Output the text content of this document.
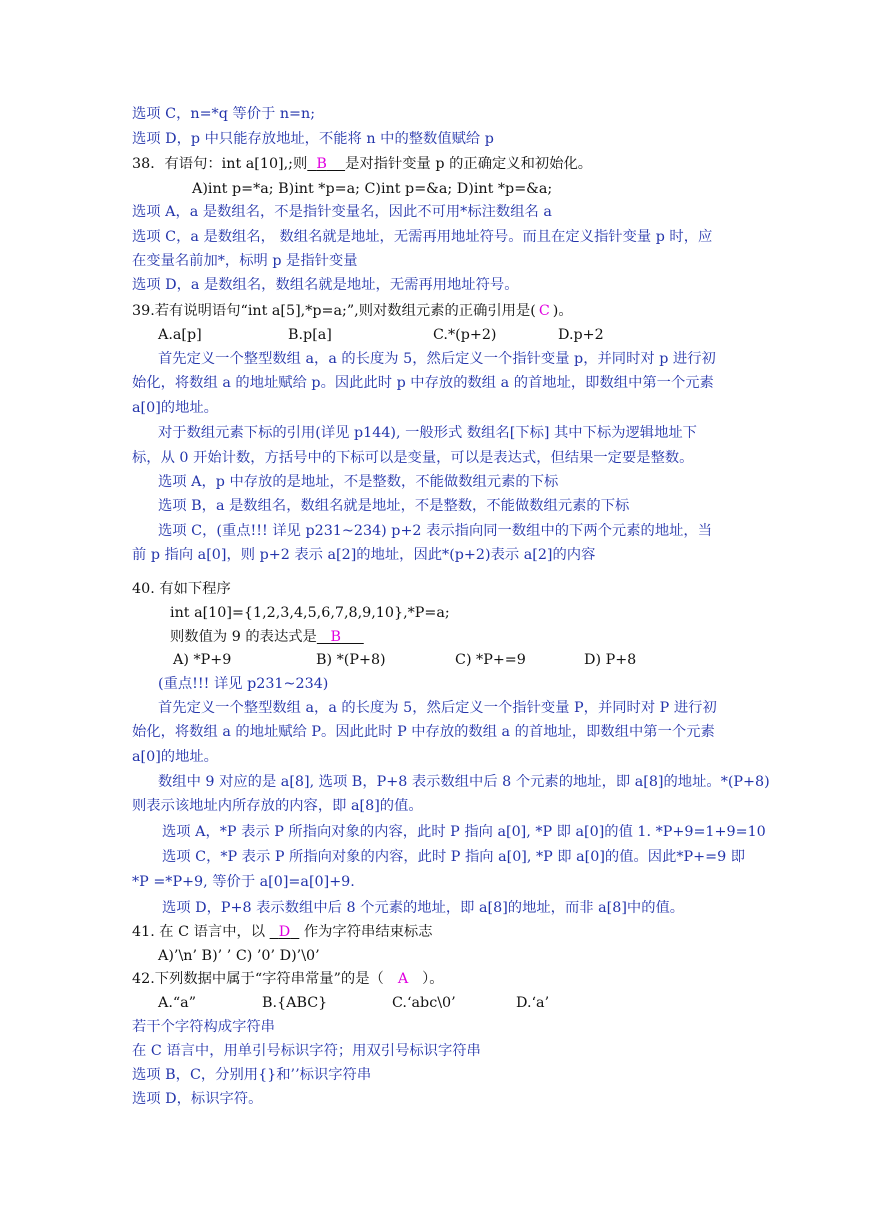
选项 C，n=*q 等价于 n=n;
选项 D，p 中只能存放地址，不能将 n 中的整数值赋给 p
38．有语句：int a[10],;则 B 是对指针变量 p 的正确定义和初始化。
A)int p=*a; B)int *p=a; C)int p=&a; D)int *p=&a;
选项 A，a 是数组名，不是指针变量名，因此不可用*标注数组名 a
选项 C，a 是数组名， 数组名就是地址，无需再用地址符号。而且在定义指针变量 p 时，应
在变量名前加*，标明 p 是指针变量
选项 D，a 是数组名，数组名就是地址，无需再用地址符号。
39.若有说明语句“int a[5],*p=a;”,则对数组元素的正确引用是( C )。
A.a[p]	B.p[a]	C.*(p+2)	D.p+2
首先定义一个整型数组 a，a 的长度为 5，然后定义一个指针变量 p，并同时对 p 进行初
始化，将数组 a 的地址赋给 p。因此此时 p 中存放的数组 a 的首地址，即数组中第一个元素
a[0]的地址。
对于数组元素下标的引用(详见 p144), 一般形式 数组名[下标] 其中下标为逻辑地址下
标，从 0 开始计数，方括号中的下标可以是变量，可以是表达式，但结果一定要是整数。
选项 A，p 中存放的是地址，不是整数，不能做数组元素的下标
选项 B，a 是数组名，数组名就是地址，不是整数，不能做数组元素的下标
选项 C，(重点!!! 详见 p231~234) p+2 表示指向同一数组中的下两个元素的地址，当
前 p 指向 a[0]，则 p+2 表示 a[2]的地址，因此*(p+2)表示 a[2]的内容
40. 有如下程序
int a[10]={1,2,3,4,5,6,7,8,9,10},*P=a;
则数值为 9 的表达式是 B
A) *P+9	B) *(P+8)	C) *P+=9	D) P+8
(重点!!! 详见 p231~234)
首先定义一个整型数组 a，a 的长度为 5，然后定义一个指针变量 P，并同时对 P 进行初
始化，将数组 a 的地址赋给 P。因此此时 P 中存放的数组 a 的首地址，即数组中第一个元素
a[0]的地址。
数组中 9 对应的是 a[8], 选项 B，P+8 表示数组中后 8 个元素的地址，即 a[8]的地址。*(P+8)
则表示该地址内所存放的内容，即 a[8]的值。
选项 A，*P 表示 P 所指向对象的内容，此时 P 指向 a[0], *P 即 a[0]的值 1. *P+9=1+9=10
选项 C，*P 表示 P 所指向对象的内容，此时 P 指向 a[0], *P 即 a[0]的值。因此*P+=9 即
*P =*P+9, 等价于 a[0]=a[0]+9.
选项 D，P+8 表示数组中后 8 个元素的地址，即 a[8]的地址，而非 a[8]中的值。
41. 在 C 语言中，以   D   作为字符串结束标志
A)’\n’ B)’ ’ C) ’0’ D)’\0’
42.下列数据中属于“字符串常量”的是（ A ）。
A.“a”	B.{ABC}	C.‘abc\0’	D.‘a’
若干个字符构成字符串
在 C 语言中，用单引号标识字符；用双引号标识字符串
选项 B，C，分别用{}和’’标识字符串
选项 D，标识字符。
